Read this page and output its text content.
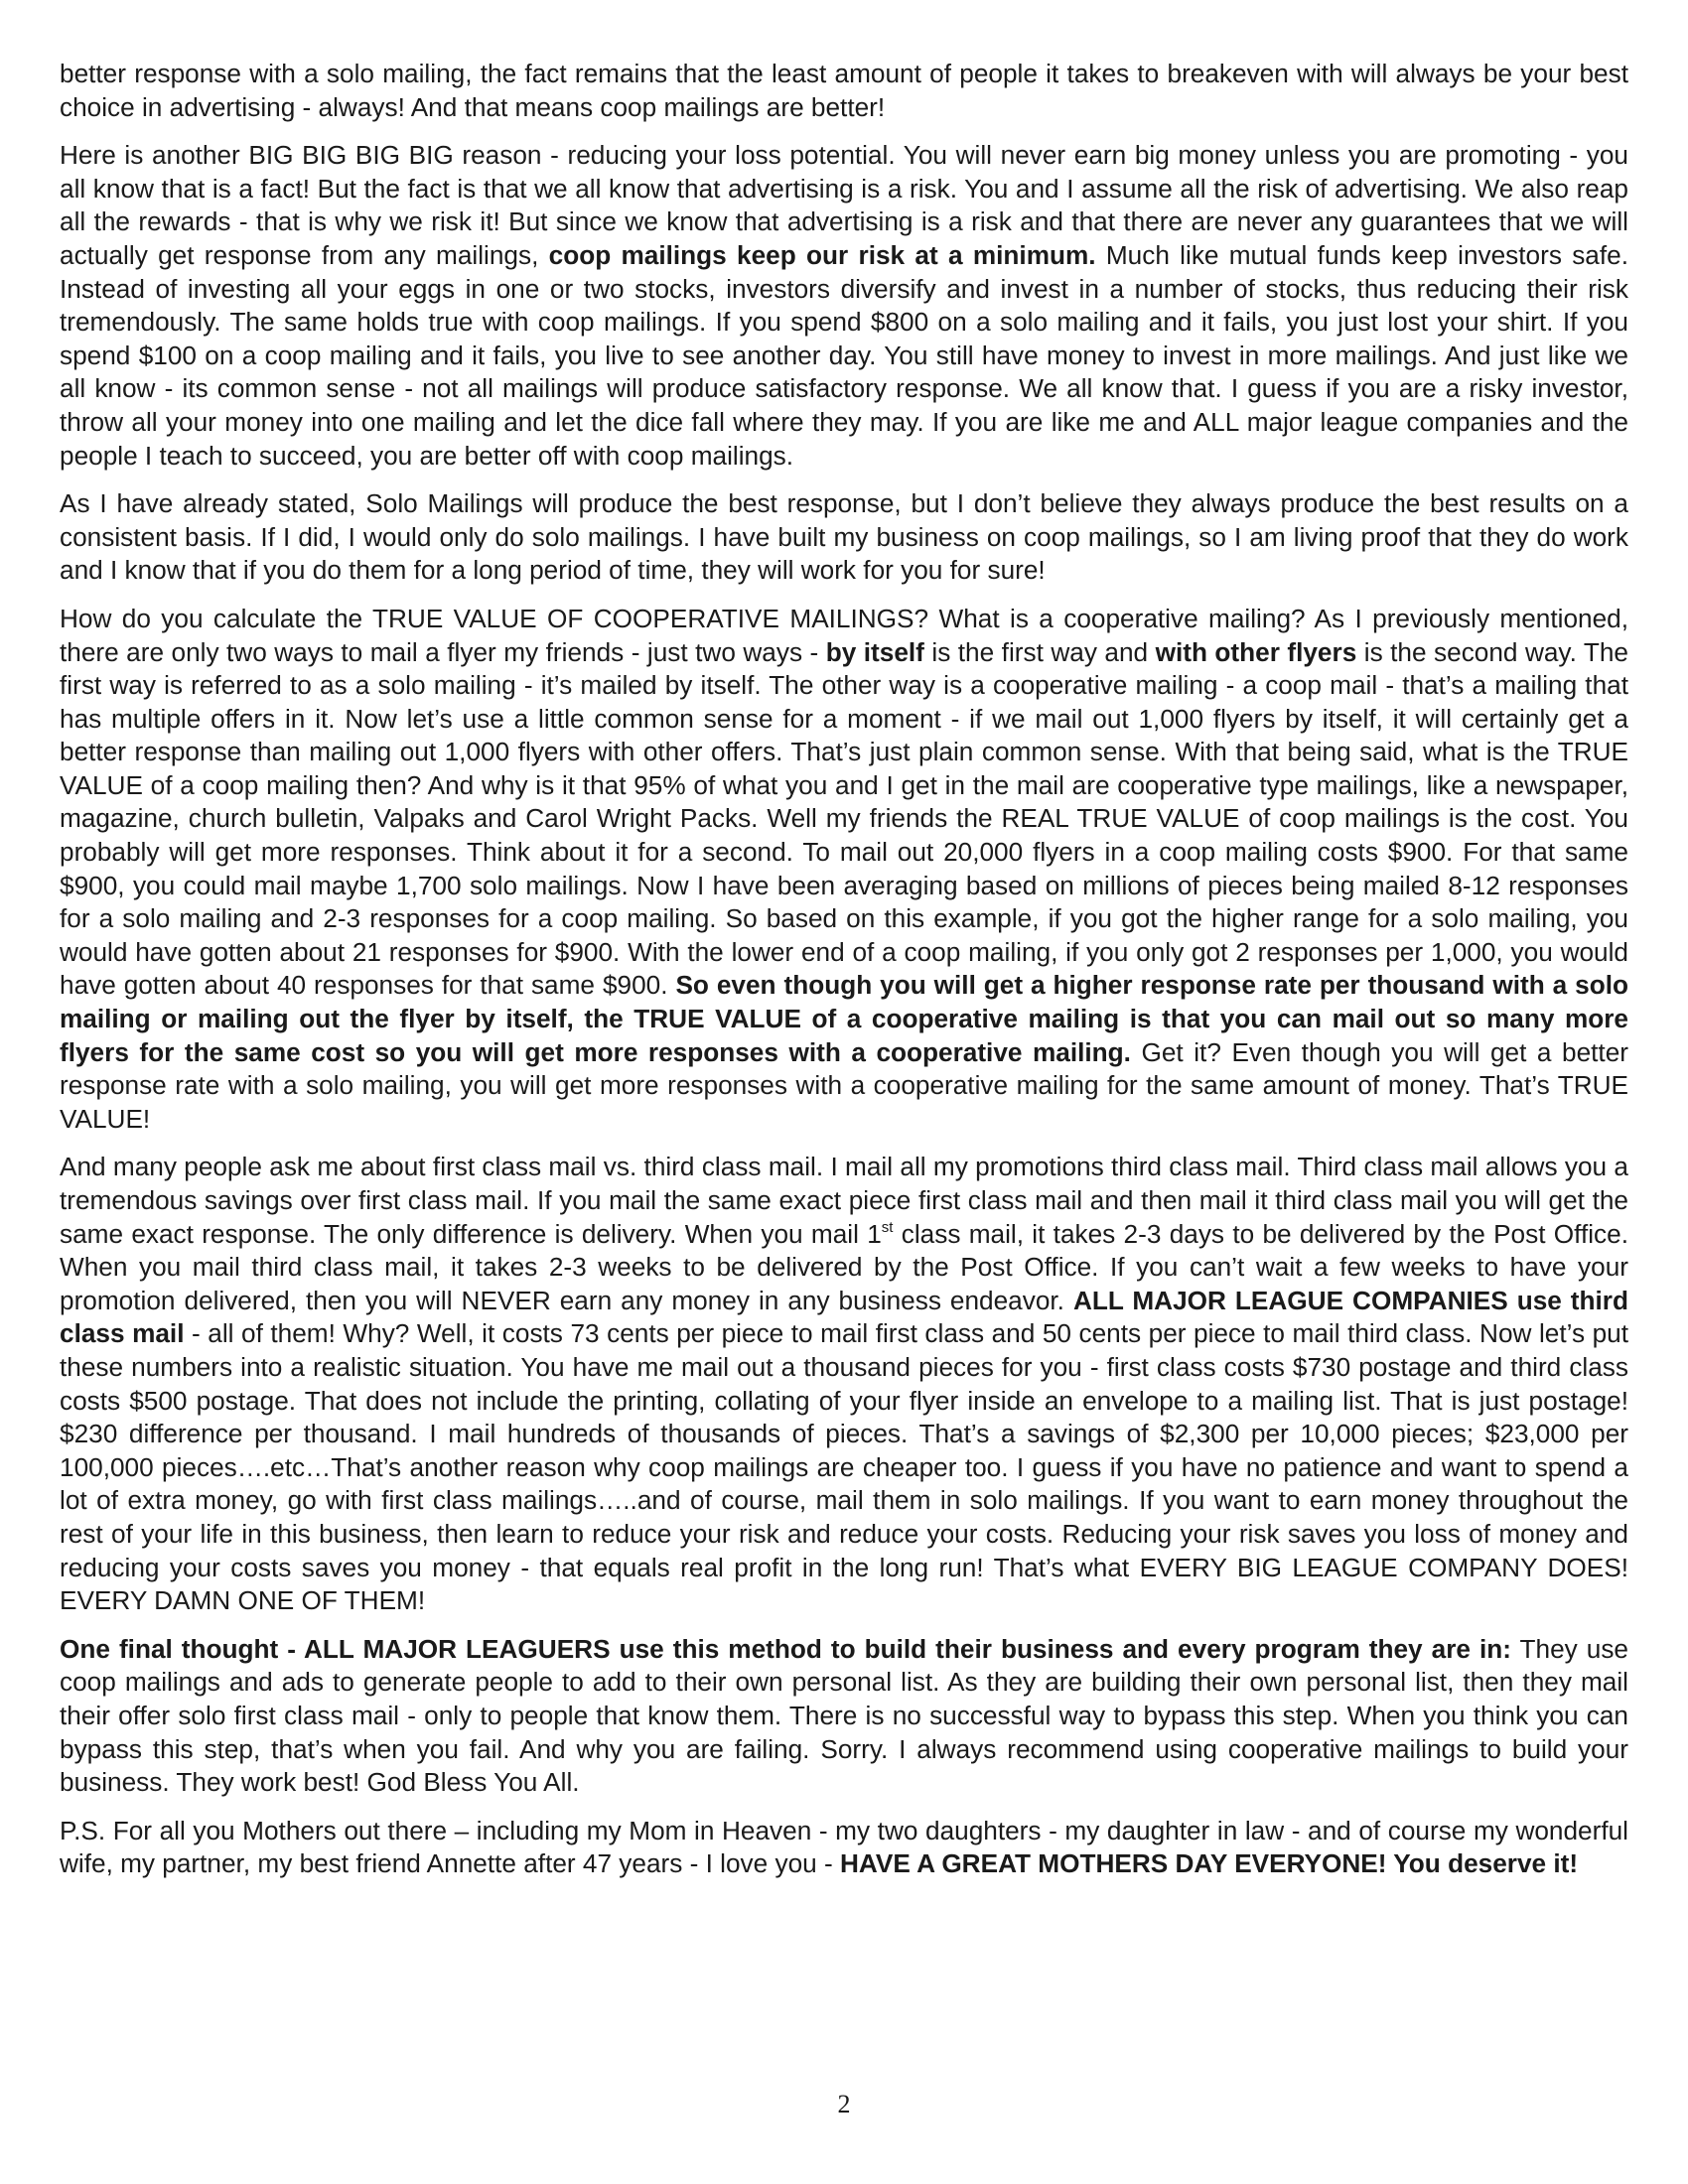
better response with a solo mailing, the fact remains that the least amount of people it takes to breakeven with will always be your best choice in advertising - always! And that means coop mailings are better!

Here is another BIG BIG BIG BIG reason - reducing your loss potential. You will never earn big money unless you are promoting - you all know that is a fact! But the fact is that we all know that advertising is a risk. You and I assume all the risk of advertising. We also reap all the rewards - that is why we risk it! But since we know that advertising is a risk and that there are never any guarantees that we will actually get response from any mailings, coop mailings keep our risk at a minimum. Much like mutual funds keep investors safe. Instead of investing all your eggs in one or two stocks, investors diversify and invest in a number of stocks, thus reducing their risk tremendously. The same holds true with coop mailings. If you spend $800 on a solo mailing and it fails, you just lost your shirt. If you spend $100 on a coop mailing and it fails, you live to see another day. You still have money to invest in more mailings. And just like we all know - its common sense - not all mailings will produce satisfactory response. We all know that. I guess if you are a risky investor, throw all your money into one mailing and let the dice fall where they may. If you are like me and ALL major league companies and the people I teach to succeed, you are better off with coop mailings.

As I have already stated, Solo Mailings will produce the best response, but I don’t believe they always produce the best results on a consistent basis. If I did, I would only do solo mailings. I have built my business on coop mailings, so I am living proof that they do work and I know that if you do them for a long period of time, they will work for you for sure!

How do you calculate the TRUE VALUE OF COOPERATIVE MAILINGS? What is a cooperative mailing? As I previously mentioned, there are only two ways to mail a flyer my friends - just two ways - by itself is the first way and with other flyers is the second way. The first way is referred to as a solo mailing - it’s mailed by itself. The other way is a cooperative mailing - a coop mail - that’s a mailing that has multiple offers in it. Now let’s use a little common sense for a moment - if we mail out 1,000 flyers by itself, it will certainly get a better response than mailing out 1,000 flyers with other offers. That’s just plain common sense. With that being said, what is the TRUE VALUE of a coop mailing then? And why is it that 95% of what you and I get in the mail are cooperative type mailings, like a newspaper, magazine, church bulletin, Valpaks and Carol Wright Packs. Well my friends the REAL TRUE VALUE of coop mailings is the cost. You probably will get more responses. Think about it for a second. To mail out 20,000 flyers in a coop mailing costs $900. For that same $900, you could mail maybe 1,700 solo mailings. Now I have been averaging based on millions of pieces being mailed 8-12 responses for a solo mailing and 2-3 responses for a coop mailing. So based on this example, if you got the higher range for a solo mailing, you would have gotten about 21 responses for $900. With the lower end of a coop mailing, if you only got 2 responses per 1,000, you would have gotten about 40 responses for that same $900. So even though you will get a higher response rate per thousand with a solo mailing or mailing out the flyer by itself, the TRUE VALUE of a cooperative mailing is that you can mail out so many more flyers for the same cost so you will get more responses with a cooperative mailing. Get it? Even though you will get a better response rate with a solo mailing, you will get more responses with a cooperative mailing for the same amount of money. That’s TRUE VALUE!

And many people ask me about first class mail vs. third class mail. I mail all my promotions third class mail. Third class mail allows you a tremendous savings over first class mail. If you mail the same exact piece first class mail and then mail it third class mail you will get the same exact response. The only difference is delivery. When you mail 1st class mail, it takes 2-3 days to be delivered by the Post Office. When you mail third class mail, it takes 2-3 weeks to be delivered by the Post Office. If you can’t wait a few weeks to have your promotion delivered, then you will NEVER earn any money in any business endeavor. ALL MAJOR LEAGUE COMPANIES use third class mail - all of them! Why? Well, it costs 73 cents per piece to mail first class and 50 cents per piece to mail third class. Now let’s put these numbers into a realistic situation. You have me mail out a thousand pieces for you - first class costs $730 postage and third class costs $500 postage. That does not include the printing, collating of your flyer inside an envelope to a mailing list. That is just postage! $230 difference per thousand. I mail hundreds of thousands of pieces. That’s a savings of $2,300 per 10,000 pieces; $23,000 per 100,000 pieces….etc…That’s another reason why coop mailings are cheaper too. I guess if you have no patience and want to spend a lot of extra money, go with first class mailings…..and of course, mail them in solo mailings. If you want to earn money throughout the rest of your life in this business, then learn to reduce your risk and reduce your costs. Reducing your risk saves you loss of money and reducing your costs saves you money - that equals real profit in the long run! That’s what EVERY BIG LEAGUE COMPANY DOES! EVERY DAMN ONE OF THEM!

One final thought - ALL MAJOR LEAGUERS use this method to build their business and every program they are in: They use coop mailings and ads to generate people to add to their own personal list. As they are building their own personal list, then they mail their offer solo first class mail - only to people that know them. There is no successful way to bypass this step. When you think you can bypass this step, that’s when you fail. And why you are failing. Sorry. I always recommend using cooperative mailings to build your business. They work best! God Bless You All.

P.S. For all you Mothers out there – including my Mom in Heaven - my two daughters - my daughter in law - and of course my wonderful wife, my partner, my best friend Annette after 47 years - I love you - HAVE A GREAT MOTHERS DAY EVERYONE! You deserve it!

2
